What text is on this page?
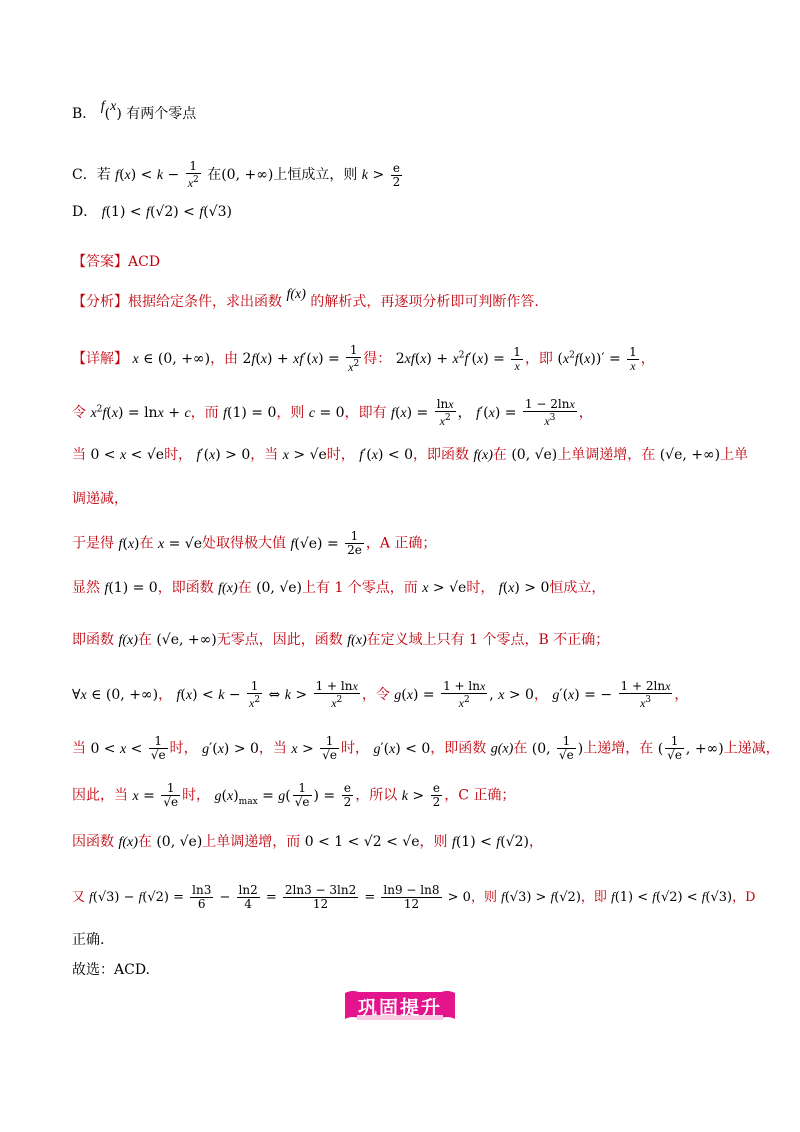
B． f(x) 有两个零点
C．若 $f(x) < k - \frac{1}{x^2}$ 在(0, +∞)上恒成立，则 $k > \frac{e}{2}$
D． f(1) < f(√2) < f(√3)
【答案】ACD
【分析】根据给定条件，求出函数 f(x) 的解析式，再逐项分析即可判断作答.
【详解】 x ∈ (0, +∞)，由 $2f(x) + xf'(x) = \frac{1}{x^2}$ 得： $2xf(x) + x^2f'(x) = \frac{1}{x}$ ，即 $(x^2f(x))' = \frac{1}{x}$ ，
令 $x^2f(x) = \ln x + c$，而 f(1) = 0，则 c = 0，即有 $f(x) = \frac{\ln x}{x^2}$ ， $f'(x) = \frac{1 - 2\ln x}{x^3}$ ，
当 0 < x < √e时， f′(x) > 0，当 x > √e时， f′(x) < 0，即函数 f(x)在 (0, √e)上单调递增，在 (√e, +∞)上单
调递减，
于是得 f(x)在 x = √e处取得极大值 $f(√e) = \frac{1}{2e}$ ，A 正确；
显然 f(1) = 0，即函数 f(x)在 (0, √e)上有 1 个零点，而 x > √e时， f(x) > 0恒成立，
即函数 f(x)在 (√e, +∞)无零点，因此，函数 f(x)在定义域上只有 1 个零点，B 不正确；
∀x ∈ (0, +∞)， $f(x) < k - \frac{1}{x^2}$ ⇔ $k > \frac{1 + \ln x}{x^2}$ ，令 $g(x) = \frac{1 + \ln x}{x^2}$ , x > 0， g′(x) = − $\frac{1 + 2\ln x}{x^3}$ ，
当 $0 < x < \frac{1}{√e}$ 时， g′(x) > 0，当 $x > \frac{1}{√e}$ 时， g′(x) < 0，即函数 g(x)在 (0, $\frac{1}{√e}$ )上递增，在 ( $\frac{1}{√e}$ , +∞)上递减，
因此，当 $x = \frac{1}{√e}$ 时， $g(x)_{max} = g( \frac{1}{√e}$ ) = $\frac{e}{2}$ ，所以 $k > \frac{e}{2}$ ，C 正确；
因函数 f(x)在 (0, √e)上单调递增，而 0 < 1 < √2 < √e，则 f(1) < f(√2)，
又 $f(√3) - f(√2) = \frac{\ln 3}{6} - \frac{\ln 2}{4} = \frac{2\ln 3 - 3\ln 2}{12} = \frac{\ln 9 - \ln 8}{12} > 0$，则 f(√3) > f(√2)，即 f(1) < f(√2) < f(√3)，D
正确.
故选：ACD.
巩固提升
